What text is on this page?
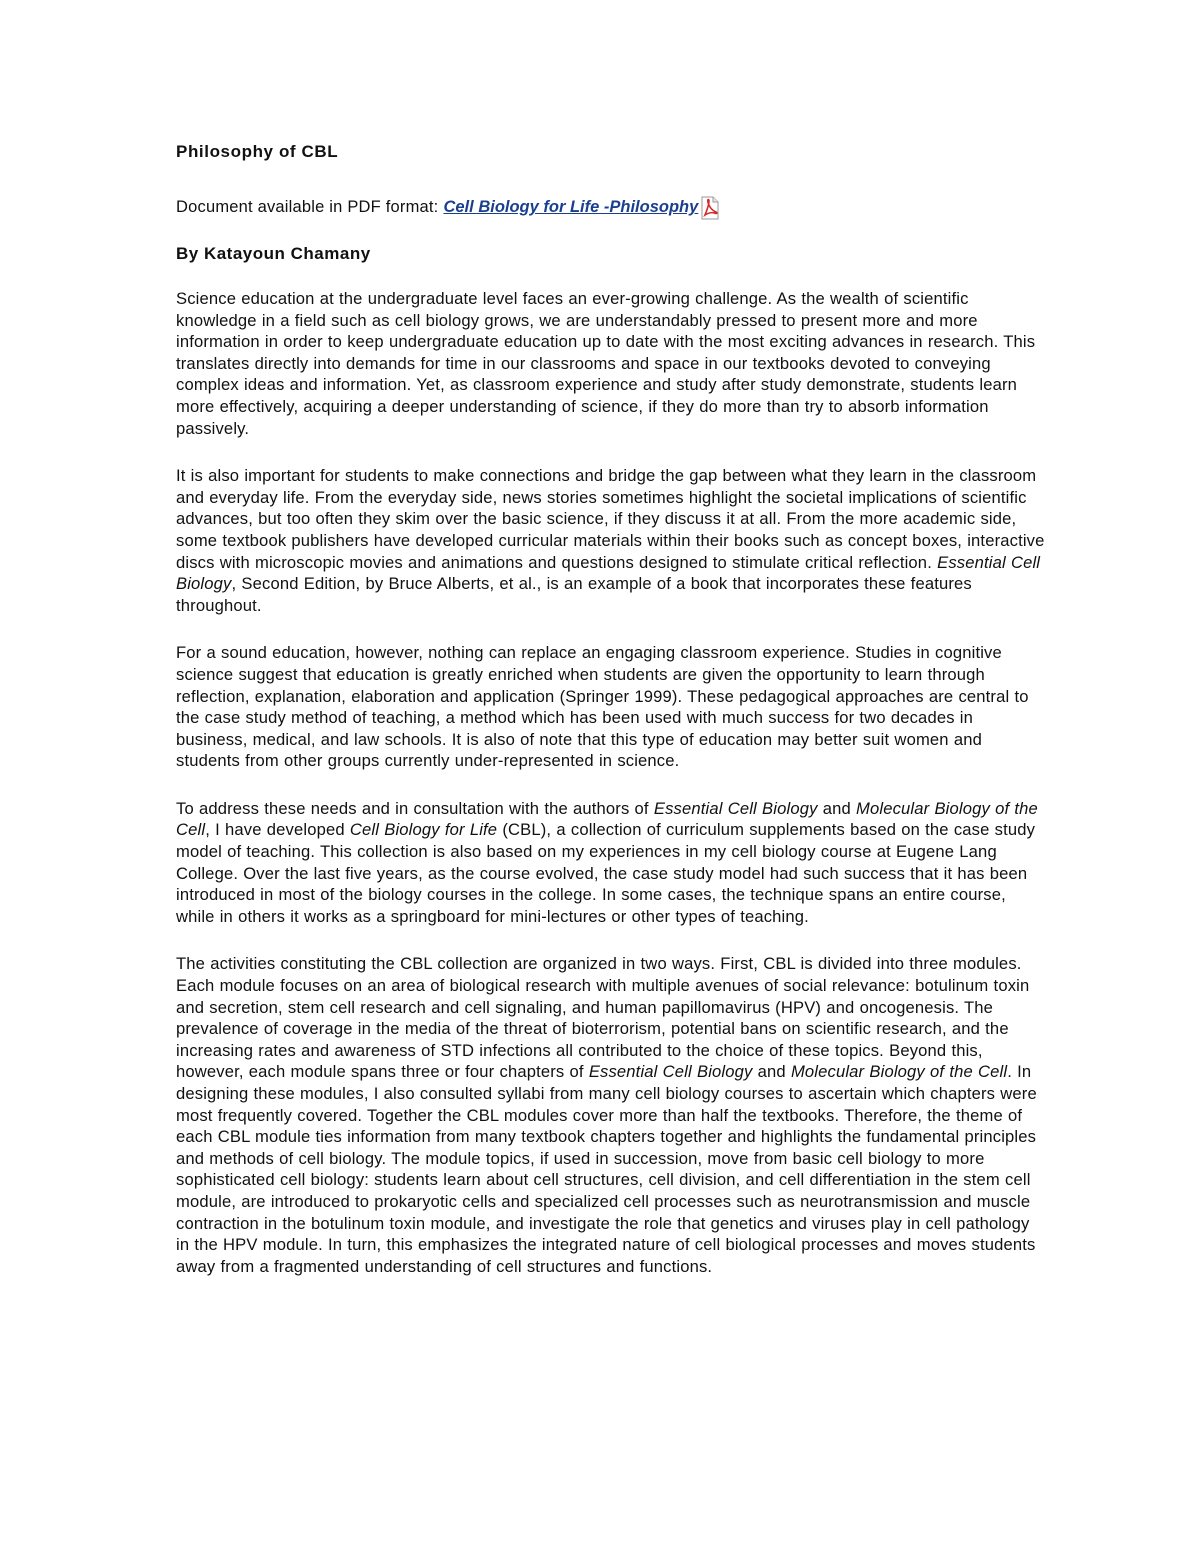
Philosophy of CBL
Document available in PDF format: Cell Biology for Life -Philosophy
By Katayoun Chamany

Science education at the undergraduate level faces an ever-growing challenge. As the wealth of scientific knowledge in a field such as cell biology grows, we are understandably pressed to present more and more information in order to keep undergraduate education up to date with the most exciting advances in research. This translates directly into demands for time in our classrooms and space in our textbooks devoted to conveying complex ideas and information. Yet, as classroom experience and study after study demonstrate, students learn more effectively, acquiring a deeper understanding of science, if they do more than try to absorb information passively.

It is also important for students to make connections and bridge the gap between what they learn in the classroom and everyday life. From the everyday side, news stories sometimes highlight the societal implications of scientific advances, but too often they skim over the basic science, if they discuss it at all. From the more academic side, some textbook publishers have developed curricular materials within their books such as concept boxes, interactive discs with microscopic movies and animations and questions designed to stimulate critical reflection. Essential Cell Biology, Second Edition, by Bruce Alberts, et al., is an example of a book that incorporates these features throughout.

For a sound education, however, nothing can replace an engaging classroom experience. Studies in cognitive science suggest that education is greatly enriched when students are given the opportunity to learn through reflection, explanation, elaboration and application (Springer 1999). These pedagogical approaches are central to the case study method of teaching, a method which has been used with much success for two decades in business, medical, and law schools. It is also of note that this type of education may better suit women and students from other groups currently under-represented in science.

To address these needs and in consultation with the authors of Essential Cell Biology and Molecular Biology of the Cell, I have developed Cell Biology for Life (CBL), a collection of curriculum supplements based on the case study model of teaching. This collection is also based on my experiences in my cell biology course at Eugene Lang College. Over the last five years, as the course evolved, the case study model had such success that it has been introduced in most of the biology courses in the college. In some cases, the technique spans an entire course, while in others it works as a springboard for mini-lectures or other types of teaching.

The activities constituting the CBL collection are organized in two ways. First, CBL is divided into three modules. Each module focuses on an area of biological research with multiple avenues of social relevance: botulinum toxin and secretion, stem cell research and cell signaling, and human papillomavirus (HPV) and oncogenesis. The prevalence of coverage in the media of the threat of bioterrorism, potential bans on scientific research, and the increasing rates and awareness of STD infections all contributed to the choice of these topics. Beyond this, however, each module spans three or four chapters of Essential Cell Biology and Molecular Biology of the Cell. In designing these modules, I also consulted syllabi from many cell biology courses to ascertain which chapters were most frequently covered. Together the CBL modules cover more than half the textbooks. Therefore, the theme of each CBL module ties information from many textbook chapters together and highlights the fundamental principles and methods of cell biology. The module topics, if used in succession, move from basic cell biology to more sophisticated cell biology: students learn about cell structures, cell division, and cell differentiation in the stem cell module, are introduced to prokaryotic cells and specialized cell processes such as neurotransmission and muscle contraction in the botulinum toxin module, and investigate the role that genetics and viruses play in cell pathology in the HPV module. In turn, this emphasizes the integrated nature of cell biological processes and moves students away from a fragmented understanding of cell structures and functions.
